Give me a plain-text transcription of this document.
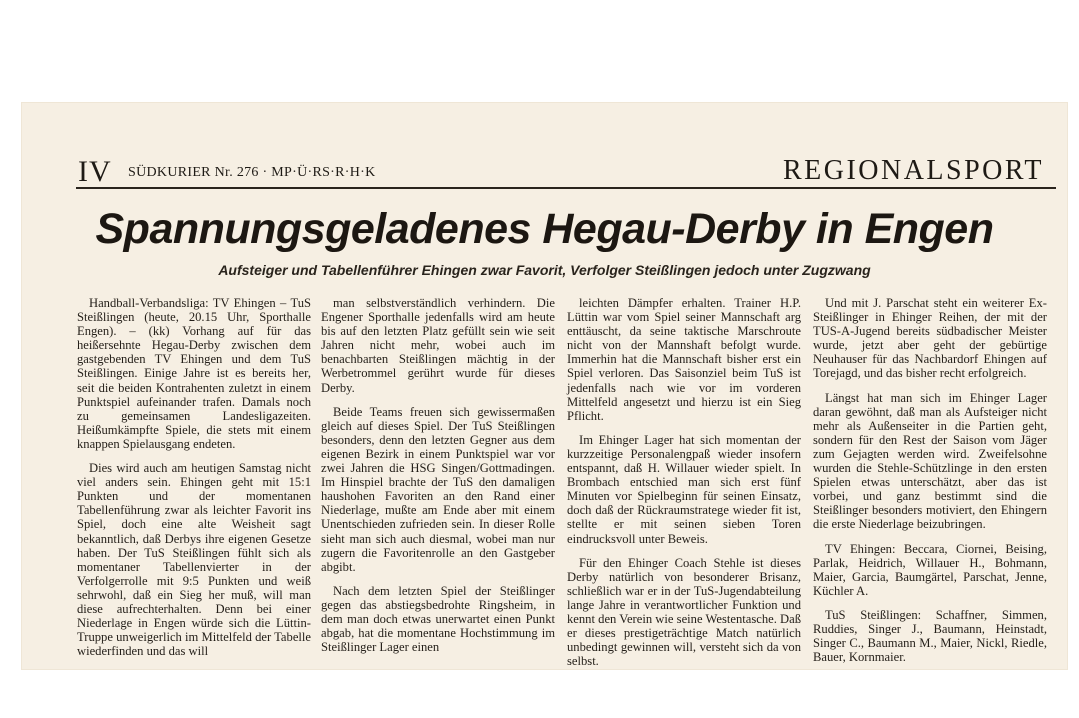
IV SÜDKURIER Nr. 276 · MP·Ü·RS·R·H·K	REGIONALSPORT
Spannungsgeladenes Hegau-Derby in Engen
Aufsteiger und Tabellenführer Ehingen zwar Favorit, Verfolger Steißlingen jedoch unter Zugzwang

Handball-Verbandsliga: TV Ehingen – TuS Steißlingen (heute, 20.15 Uhr, Sporthalle Engen). – (kk) Vorhang auf für das heißersehnte Hegau-Derby zwischen dem gastgebenden TV Ehingen und dem TuS Steißlingen. Einige Jahre ist es bereits her, seit die beiden Kontrahenten zuletzt in einem Punktspiel aufeinander trafen. Damals noch zu gemeinsamen Landesligazeiten. Heißumkämpfte Spiele, die stets mit einem knappen Spielausgang endeten.

Dies wird auch am heutigen Samstag nicht viel anders sein. Ehingen geht mit 15:1 Punkten und der momentanen Tabellenführung zwar als leichter Favorit ins Spiel, doch eine alte Weisheit sagt bekanntlich, daß Derbys ihre eigenen Gesetze haben. Der TuS Steißlingen fühlt sich als momentaner Tabellenvierter in der Verfolgerrolle mit 9:5 Punkten und weiß sehrwohl, daß ein Sieg her muß, will man diese aufrechterhalten. Denn bei einer Niederlage in Engen würde sich die Lüttin-Truppe unweigerlich im Mittelfeld der Tabelle wiederfinden und das will

man selbstverständlich verhindern. Die Engener Sporthalle jedenfalls wird am heute bis auf den letzten Platz gefüllt sein wie seit Jahren nicht mehr, wobei auch im benachbarten Steißlingen mächtig in der Werbetrommel gerührt wurde für dieses Derby.

Beide Teams freuen sich gewissermaßen gleich auf dieses Spiel. Der TuS Steißlingen besonders, denn den letzten Gegner aus dem eigenen Bezirk in einem Punktspiel war vor zwei Jahren die HSG Singen/Gottmadingen. Im Hinspiel brachte der TuS den damaligen haushohen Favoriten an den Rand einer Niederlage, mußte am Ende aber mit einem Unentschieden zufrieden sein. In dieser Rolle sieht man sich auch diesmal, wobei man nur zugern die Favoritenrolle an den Gastgeber abgibt.

Nach dem letzten Spiel der Steißlinger gegen das abstiegsbedrohte Ringsheim, in dem man doch etwas unerwartet einen Punkt abgab, hat die momentane Hochstimmung im Steißlinger Lager einen

leichten Dämpfer erhalten. Trainer H.P. Lüttin war vom Spiel seiner Mannschaft arg enttäuscht, da seine taktische Marschroute nicht von der Mannshaft befolgt wurde. Immerhin hat die Mannschaft bisher erst ein Spiel verloren. Das Saisonziel beim TuS ist jedenfalls nach wie vor im vorderen Mittelfeld angesetzt und hierzu ist ein Sieg Pflicht.

Im Ehinger Lager hat sich momentan der kurzzeitige Personalengpaß wieder insofern entspannt, daß H. Willauer wieder spielt. In Brombach entschied man sich erst fünf Minuten vor Spielbeginn für seinen Einsatz, doch daß der Rückraumstratege wieder fit ist, stellte er mit seinen sieben Toren eindrucksvoll unter Beweis.

Für den Ehinger Coach Stehle ist dieses Derby natürlich von besonderer Brisanz, schließlich war er in der TuS-Jugendabteilung lange Jahre in verantwortlicher Funktion und kennt den Verein wie seine Westentasche. Daß er dieses prestigeträchtige Match natürlich unbedingt gewinnen will, versteht sich da von selbst.

Und mit J. Parschat steht ein weiterer Ex-Steißlinger in Ehinger Reihen, der mit der TUS-A-Jugend bereits südbadischer Meister wurde, jetzt aber geht der gebürtige Neuhauser für das Nachbardorf Ehingen auf Torejagd, und das bisher recht erfolgreich.

Längst hat man sich im Ehinger Lager daran gewöhnt, daß man als Aufsteiger nicht mehr als Außenseiter in die Partien geht, sondern für den Rest der Saison vom Jäger zum Gejagten werden wird. Zweifelsohne wurden die Stehle-Schützlinge in den ersten Spielen etwas unterschätzt, aber das ist vorbei, und ganz bestimmt sind die Steißlinger besonders motiviert, den Ehingern die erste Niederlage beizubringen.

TV Ehingen: Beccara, Ciornei, Beising, Parlak, Heidrich, Willauer H., Bohmann, Maier, Garcia, Baumgärtel, Parschat, Jenne, Küchler A.

TuS Steißlingen: Schaffner, Simmen, Ruddies, Singer J., Baumann, Heinstadt, Singer C., Baumann M., Maier, Nickl, Riedle, Bauer, Kornmaier.
